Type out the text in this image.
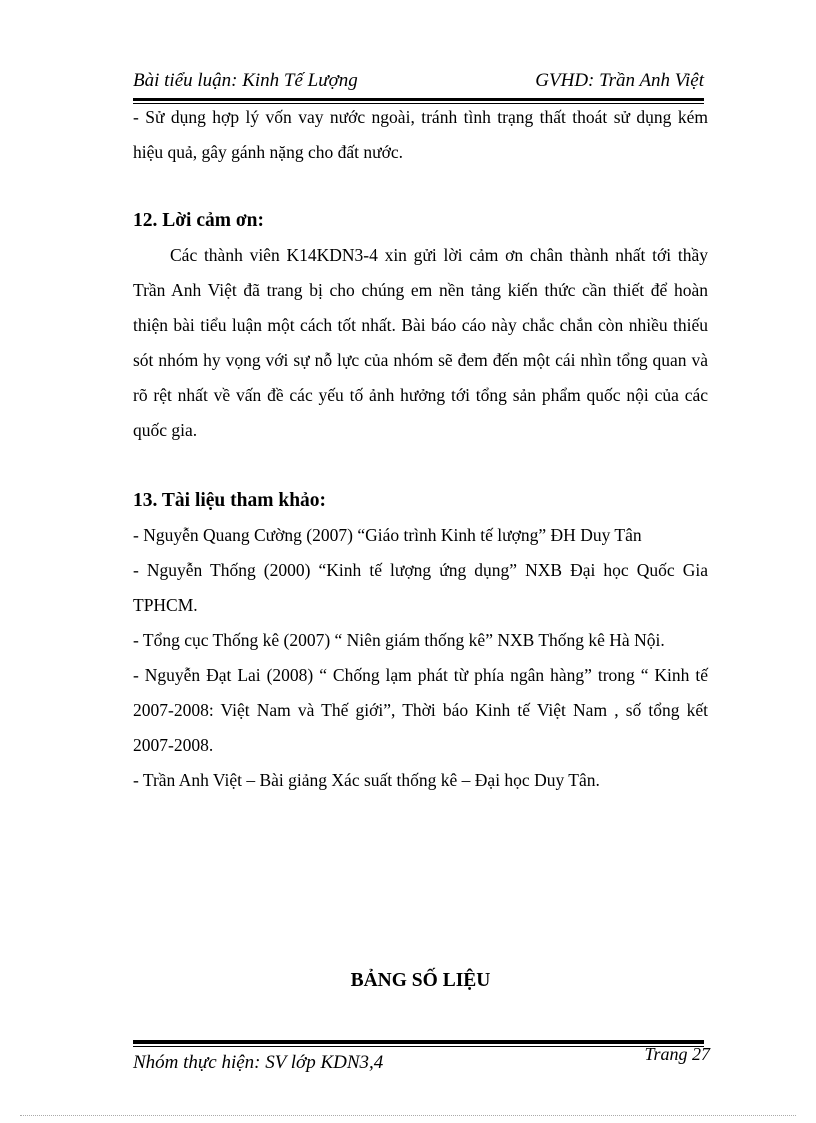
Bài tiểu luận: Kinh Tế Lượng	GVHD: Trần Anh Việt

- Sử dụng hợp lý vốn vay nước ngoài, tránh tình trạng thất thoát sử dụng kém hiệu quả, gây gánh nặng cho đất nước.

12. Lời cảm ơn:

Các thành viên K14KDN3-4 xin gửi lời cảm ơn chân thành nhất tới thầy Trần Anh Việt đã trang bị cho chúng em nền tảng kiến thức cần thiết để hoàn thiện bài tiểu luận một cách tốt nhất. Bài báo cáo này chắc chắn còn nhiều thiếu sót nhóm hy vọng với sự nỗ lực của nhóm sẽ đem đến một cái nhìn tổng quan và rõ rệt nhất về vấn đề các yếu tố ảnh hưởng tới tổng sản phẩm quốc nội của các quốc gia.

13. Tài liệu tham khảo:

- Nguyễn Quang Cường (2007) “Giáo trình Kinh tế lượng” ĐH Duy Tân

- Nguyễn Thống (2000) “Kinh tế lượng ứng dụng” NXB Đại học Quốc Gia TPHCM.

- Tổng cục Thống kê (2007) “ Niên giám thống kê” NXB Thống kê Hà Nội.

- Nguyễn Đạt Lai (2008) “ Chống lạm phát từ phía ngân hàng” trong “ Kinh tế 2007-2008: Việt Nam và Thế giới”, Thời báo Kinh tế Việt Nam , số tổng kết 2007-2008.

- Trần Anh Việt – Bài giảng Xác suất thống kê – Đại học Duy Tân.

BẢNG SỐ LIỆU
Nhóm thực hiện: SV lớp KDN3,4	Trang 27
